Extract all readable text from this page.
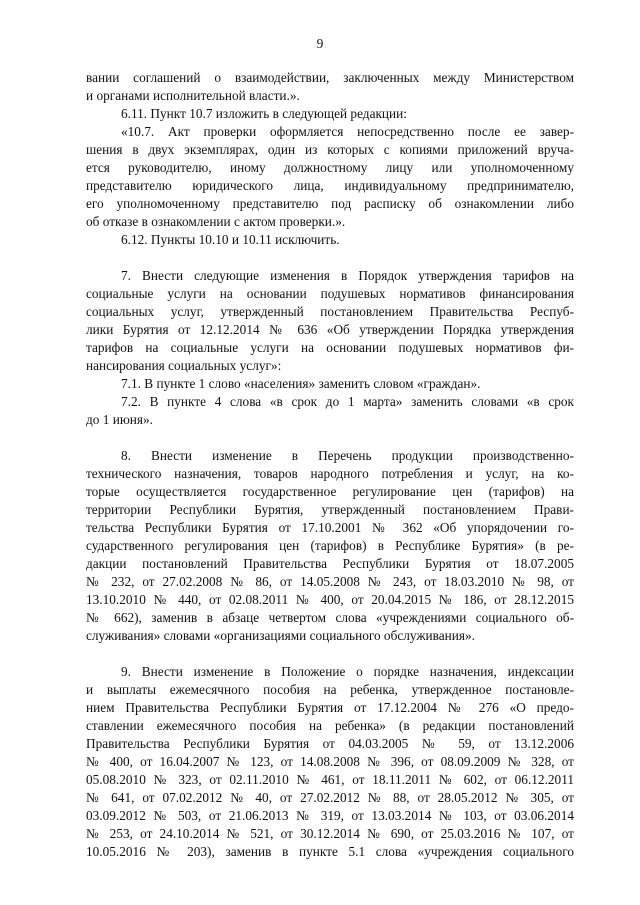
9
вании соглашений о взаимодействии, заключенных между Министерством
и органами исполнительной власти.».
6.11. Пункт 10.7 изложить в следующей редакции:
«10.7. Акт проверки оформляется непосредственно после ее завер-
шения в двух экземплярах, один из которых с копиями приложений вруча-
ется руководителю, иному должностному лицу или уполномоченному
представителю юридического лица, индивидуальному предпринимателю,
его уполномоченному представителю под расписку об ознакомлении либо
об отказе в ознакомлении с актом проверки.».
6.12. Пункты 10.10 и 10.11 исключить.
7. Внести следующие изменения в Порядок утверждения тарифов на
социальные услуги на основании подушевых нормативов финансирования
социальных услуг, утвержденный постановлением Правительства Респуб-
лики Бурятия от 12.12.2014 № 636 «Об утверждении Порядка утверждения
тарифов на социальные услуги на основании подушевых нормативов фи-
нансирования социальных услуг»:
7.1. В пункте 1 слово «населения» заменить словом «граждан».
7.2. В пункте 4 слова «в срок до 1 марта» заменить словами «в срок
до 1 июня».
8. Внести изменение в Перечень продукции производственно-
технического назначения, товаров народного потребления и услуг, на ко-
торые осуществляется государственное регулирование цен (тарифов) на
территории Республики Бурятия, утвержденный постановлением Прави-
тельства Республики Бурятия от 17.10.2001 № 362 «Об упорядочении го-
сударственного регулирования цен (тарифов) в Республике Бурятия» (в ре-
дакции постановлений Правительства Республики Бурятия от 18.07.2005
№ 232, от 27.02.2008 № 86, от 14.05.2008 № 243, от 18.03.2010 № 98, от
13.10.2010 № 440, от 02.08.2011 № 400, от 20.04.2015 № 186, от 28.12.2015
№ 662), заменив в абзаце четвертом слова «учреждениями социального об-
служивания» словами «организациями социального обслуживания».
9. Внести изменение в Положение о порядке назначения, индексации
и выплаты ежемесячного пособия на ребенка, утвержденное постановле-
нием Правительства Республики Бурятия от 17.12.2004 № 276 «О предо-
ставлении ежемесячного пособия на ребенка» (в редакции постановлений
Правительства Республики Бурятия от 04.03.2005 № 59, от 13.12.2006
№ 400, от 16.04.2007 № 123, от 14.08.2008 № 396, от 08.09.2009 № 328, от
05.08.2010 № 323, от 02.11.2010 № 461, от 18.11.2011 № 602, от 06.12.2011
№ 641, от 07.02.2012 № 40, от 27.02.2012 № 88, от 28.05.2012 № 305, от
03.09.2012 № 503, от 21.06.2013 № 319, от 13.03.2014 № 103, от 03.06.2014
№ 253, от 24.10.2014 № 521, от 30.12.2014 № 690, от 25.03.2016 № 107, от
10.05.2016 № 203), заменив в пункте 5.1 слова «учреждения социального
